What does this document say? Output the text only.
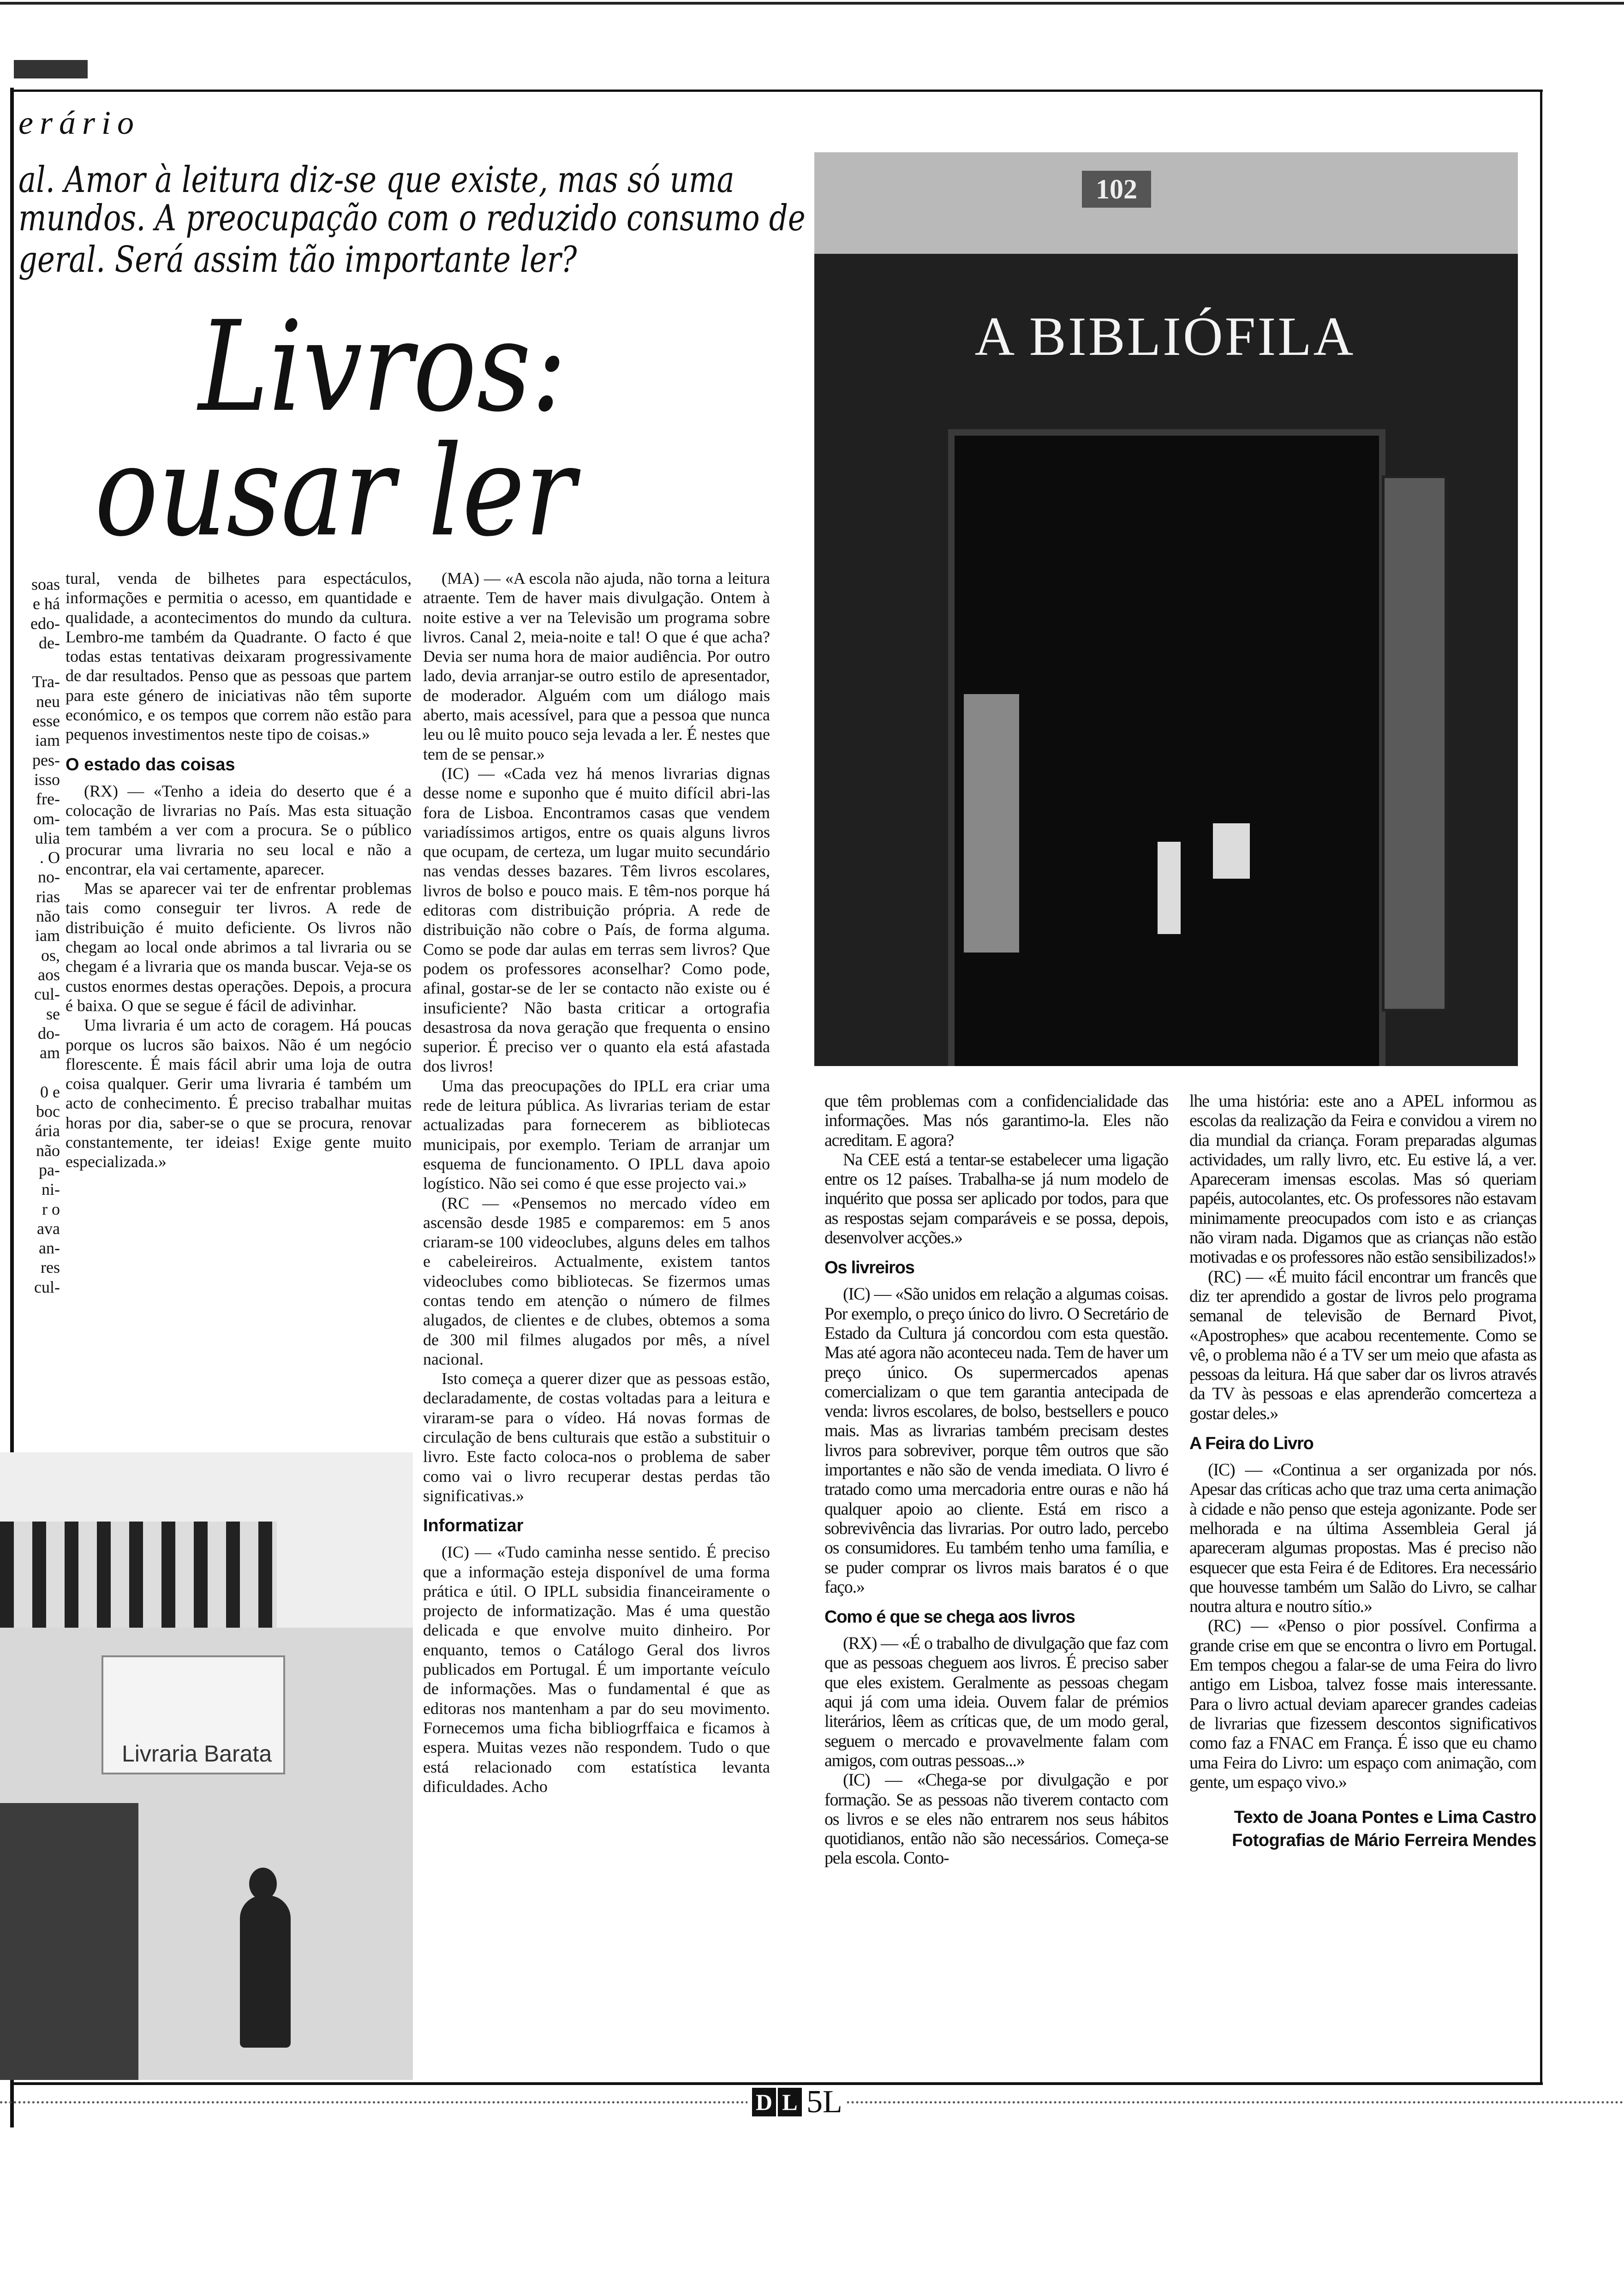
erário
al. Amor à leitura diz-se que existe, mas só uma
mundos. A preocupação com o reduzido consumo de
geral. Será assim tão importante ler?
Livros:
ousar ler
102
A BIBLIÓFILA
Livraria Barata
soas
e há
edo-
de-

Tra-
neu
esse
iam
pes-
isso
fre-
om-
ulia
. O
no-
rias
não
iam
os,
aos
cul-
se
do-
am

0 e
boc
ária
não
pa-
ni-
r o
ava
an-
res
cul-

tural, venda de bilhetes para espectáculos, informações e permitia o acesso, em quantidade e qualidade, a acontecimentos do mundo da cultura. Lembro-me também da Quadrante. O facto é que todas estas tentativas deixaram progressivamente de dar resultados. Penso que as pessoas que partem para este género de iniciativas não têm suporte económico, e os tempos que correm não estão para pequenos investimentos neste tipo de coisas.»

O estado das coisas

(RX) — «Tenho a ideia do deserto que é a colocação de livrarias no País. Mas esta situação tem também a ver com a procura. Se o público procurar uma livraria no seu local e não a encontrar, ela vai certamente, aparecer.

Mas se aparecer vai ter de enfrentar problemas tais como conseguir ter livros. A rede de distribuição é muito deficiente. Os livros não chegam ao local onde abrimos a tal livraria ou se chegam é a livraria que os manda buscar. Veja-se os custos enormes destas operações. Depois, a procura é baixa. O que se segue é fácil de adivinhar.

Uma livraria é um acto de coragem. Há poucas porque os lucros são baixos. Não é um negócio florescente. É mais fácil abrir uma loja de outra coisa qualquer. Gerir uma livraria é também um acto de conhecimento. É preciso trabalhar muitas horas por dia, saber-se o que se procura, renovar constantemente, ter ideias! Exige gente muito especializada.»

(MA) — «A escola não ajuda, não torna a leitura atraente. Tem de haver mais divulgação. Ontem à noite estive a ver na Televisão um programa sobre livros. Canal 2, meia-noite e tal! O que é que acha? Devia ser numa hora de maior audiência. Por outro lado, devia arranjar-se outro estilo de apresentador, de moderador. Alguém com um diálogo mais aberto, mais acessível, para que a pessoa que nunca leu ou lê muito pouco seja levada a ler. É nestes que tem de se pensar.»

(IC) — «Cada vez há menos livrarias dignas desse nome e suponho que é muito difícil abri-las fora de Lisboa. Encontramos casas que vendem variadíssimos artigos, entre os quais alguns livros que ocupam, de certeza, um lugar muito secundário nas vendas desses bazares. Têm livros escolares, livros de bolso e pouco mais. E têm-nos porque há editoras com distribuição própria. A rede de distribuição não cobre o País, de forma alguma. Como se pode dar aulas em terras sem livros? Que podem os professores aconselhar? Como pode, afinal, gostar-se de ler se contacto não existe ou é insuficiente? Não basta criticar a ortografia desastrosa da nova geração que frequenta o ensino superior. É preciso ver o quanto ela está afastada dos livros!

Uma das preocupações do IPLL era criar uma rede de leitura pública. As livrarias teriam de estar actualizadas para fornecerem as bibliotecas municipais, por exemplo. Teriam de arranjar um esquema de funcionamento. O IPLL dava apoio logístico. Não sei como é que esse projecto vai.»

(RC — «Pensemos no mercado vídeo em ascensão desde 1985 e comparemos: em 5 anos criaram-se 100 videoclubes, alguns deles em talhos e cabeleireiros. Actualmente, existem tantos videoclubes como bibliotecas. Se fizermos umas contas tendo em atenção o número de filmes alugados, de clientes e de clubes, obtemos a soma de 300 mil filmes alugados por mês, a nível nacional.

Isto começa a querer dizer que as pessoas estão, declaradamente, de costas voltadas para a leitura e viraram-se para o vídeo. Há novas formas de circulação de bens culturais que estão a substituir o livro. Este facto coloca-nos o problema de saber como vai o livro recuperar destas perdas tão significativas.»

Informatizar

(IC) — «Tudo caminha nesse sentido. É preciso que a informação esteja disponível de uma forma prática e útil. O IPLL subsidia financeiramente o projecto de informatização. Mas é uma questão delicada e que envolve muito dinheiro. Por enquanto, temos o Catálogo Geral dos livros publicados em Portugal. É um importante veículo de informações. Mas o fundamental é que as editoras nos mantenham a par do seu movimento. Fornecemos uma ficha bibliogrffaica e ficamos à espera. Muitas vezes não respondem. Tudo o que está relacionado com estatística levanta dificuldades. Acho

que têm problemas com a confidencialidade das informações. Mas nós garantimo-la. Eles não acreditam. E agora?

Na CEE está a tentar-se estabelecer uma ligação entre os 12 países. Trabalha-se já num modelo de inquérito que possa ser aplicado por todos, para que as respostas sejam comparáveis e se possa, depois, desenvolver acções.»

Os livreiros

(IC) — «São unidos em relação a algumas coisas. Por exemplo, o preço único do livro. O Secretário de Estado da Cultura já concordou com esta questão. Mas até agora não aconteceu nada. Tem de haver um preço único. Os supermercados apenas comercializam o que tem garantia antecipada de venda: livros escolares, de bolso, bestsellers e pouco mais. Mas as livrarias também precisam destes livros para sobreviver, porque têm outros que são importantes e não são de venda imediata. O livro é tratado como uma mercadoria entre ouras e não há qualquer apoio ao cliente. Está em risco a sobrevivência das livrarias. Por outro lado, percebo os consumidores. Eu também tenho uma família, e se puder comprar os livros mais baratos é o que faço.»

Como é que se chega aos livros

(RX) — «É o trabalho de divulgação que faz com que as pessoas cheguem aos livros. É preciso saber que eles existem. Geralmente as pessoas chegam aqui já com uma ideia. Ouvem falar de prémios literários, lêem as críticas que, de um modo geral, seguem o mercado e provavelmente falam com amigos, com outras pessoas...»

(IC) — «Chega-se por divulgação e por formação. Se as pessoas não tiverem contacto com os livros e se eles não entrarem nos seus hábitos quotidianos, então não são necessários. Começa-se pela escola. Conto-

lhe uma história: este ano a APEL informou as escolas da realização da Feira e convidou a virem no dia mundial da criança. Foram preparadas algumas actividades, um rally livro, etc. Eu estive lá, a ver. Apareceram imensas escolas. Mas só queriam papéis, autocolantes, etc. Os professores não estavam minimamente preocupados com isto e as crianças não viram nada. Digamos que as crianças não estão motivadas e os professores não estão sensibilizados!»

(RC) — «É muito fácil encontrar um francês que diz ter aprendido a gostar de livros pelo programa semanal de televisão de Bernard Pivot, «Apostrophes» que acabou recentemente. Como se vê, o problema não é a TV ser um meio que afasta as pessoas da leitura. Há que saber dar os livros através da TV às pessoas e elas aprenderão comcerteza a gostar deles.»

A Feira do Livro

(IC) — «Continua a ser organizada por nós. Apesar das críticas acho que traz uma certa animação à cidade e não penso que esteja agonizante. Pode ser melhorada e na última Assembleia Geral já apareceram algumas propostas. Mas é preciso não esquecer que esta Feira é de Editores. Era necessário que houvesse também um Salão do Livro, se calhar noutra altura e noutro sítio.»

(RC) — «Penso o pior possível. Confirma a grande crise em que se encontra o livro em Portugal. Em tempos chegou a falar-se de uma Feira do livro antigo em Lisboa, talvez fosse mais interessante. Para o livro actual deviam aparecer grandes cadeias de livrarias que fizessem descontos significativos como faz a FNAC em França. É isso que eu chamo uma Feira do Livro: um espaço com animação, com gente, um espaço vivo.»

Texto de Joana Pontes e Lima Castro
Fotografias de Mário Ferreira Mendes
D L 5L
